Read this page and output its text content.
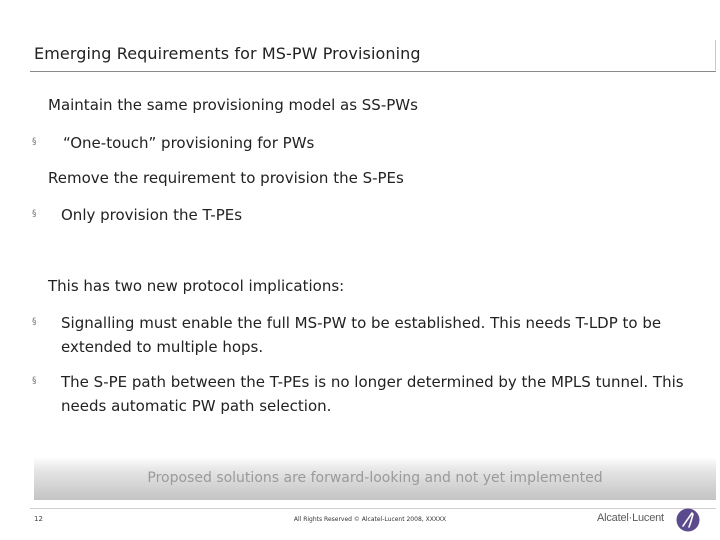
Emerging Requirements for MS-PW Provisioning
Maintain the same provisioning model as SS-PWs
§ “One-touch” provisioning for PWs
Remove the requirement to provision the S-PEs
§ Only provision the T-PEs
This has two new protocol implications:
§ Signalling must enable the full MS-PW to be established. This needs T-LDP to be extended to multiple hops.
§ The S-PE path between the T-PEs is no longer determined by the MPLS tunnel. This needs automatic PW path selection.
Proposed solutions are forward-looking and not yet implemented
12	All Rights Reserved © Alcatel-Lucent 2008, XXXXX	Alcatel·Lucent
